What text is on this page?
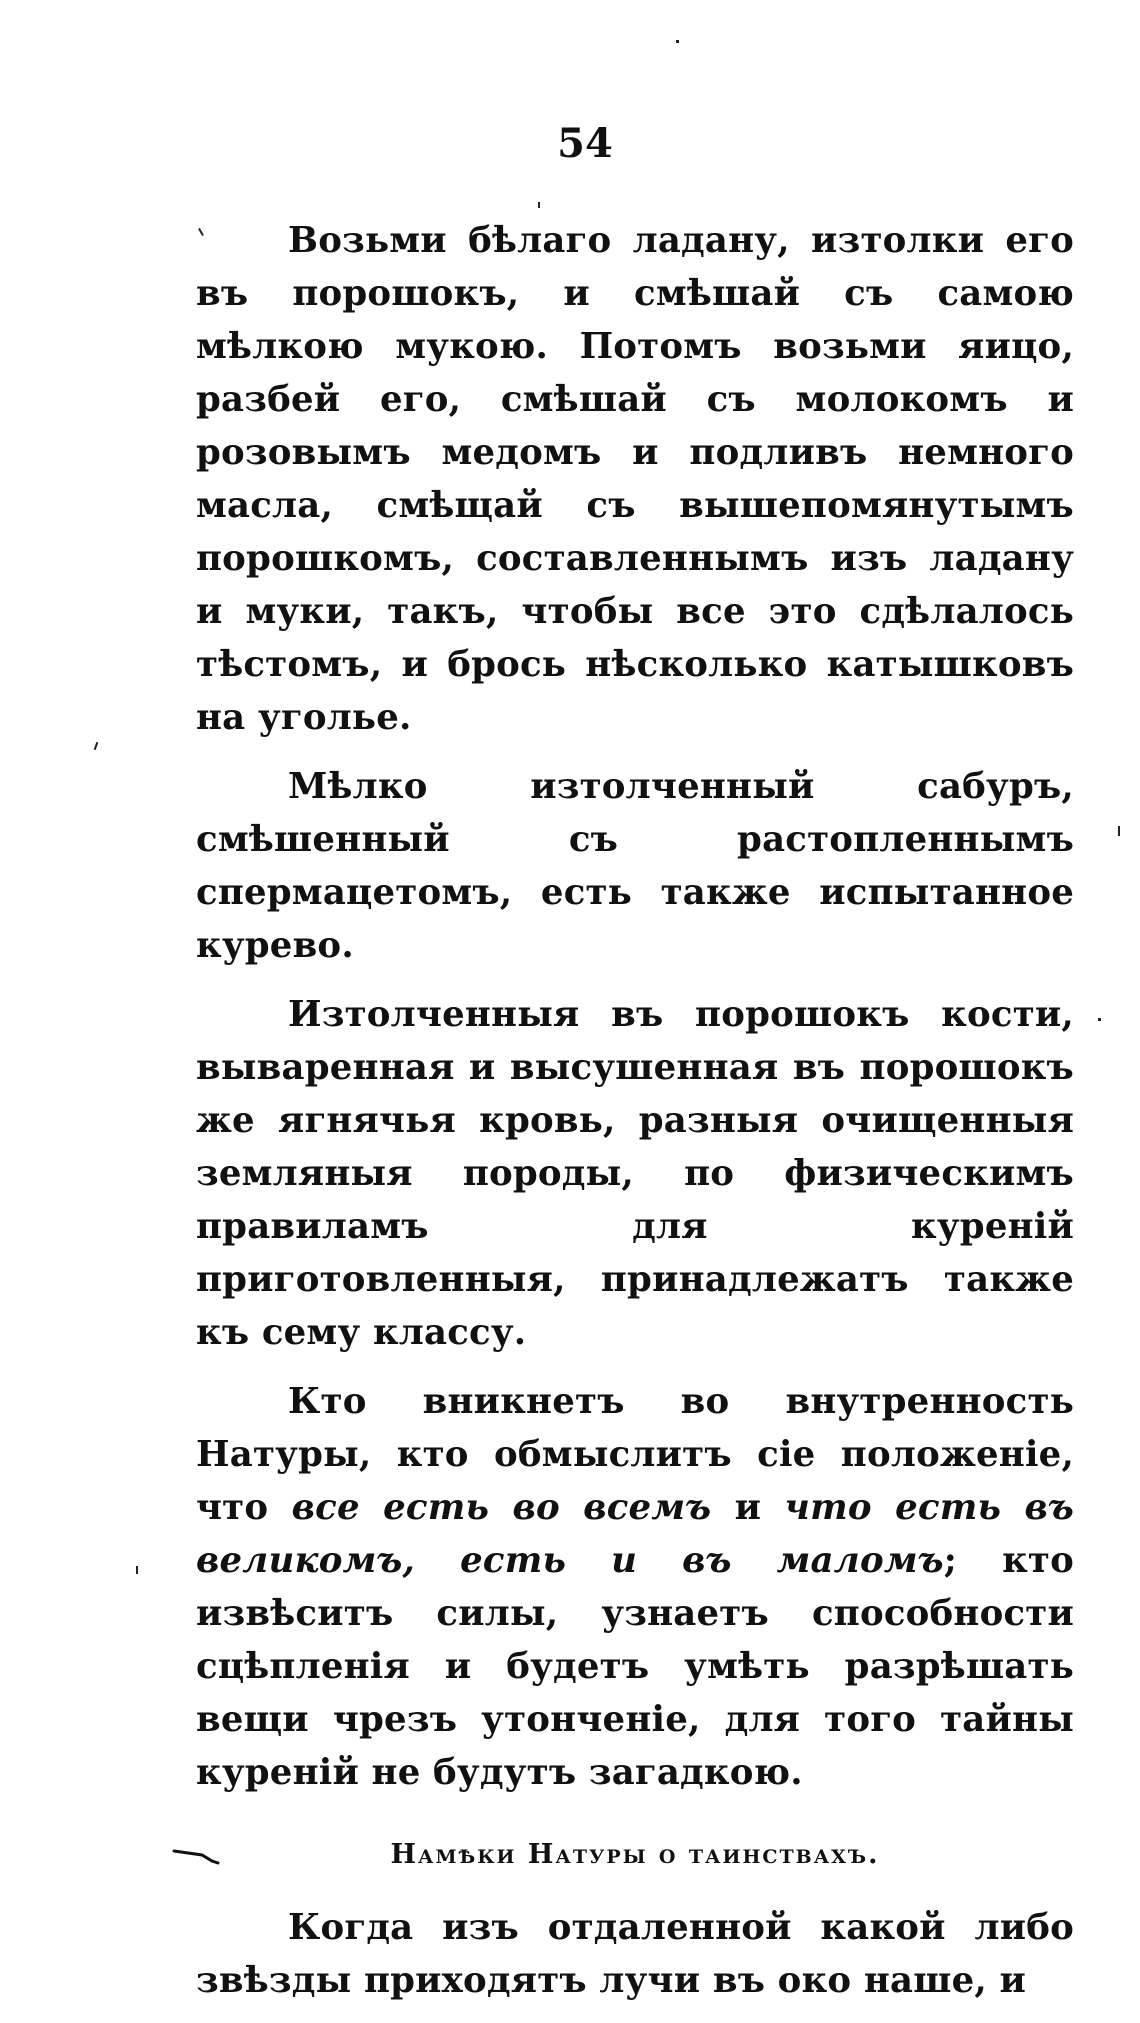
54

Возьми бѣлаго ладану, изтолки его въ порошокъ, и смѣшай съ самою мѣлкою мукою. Потомъ возьми яицо, разбей его, смѣшай съ молокомъ и розовымъ медомъ и подливъ немного масла, смѣщай съ вышепомянутымъ порошкомъ, составленнымъ изъ ладану и муки, такъ, чтобы все это сдѣлалось тѣстомъ, и брось нѣсколько катышковъ на уголье.

Мѣлко изтолченный сабуръ, смѣшенный съ растопленнымъ спермацетомъ, есть также испытанное курево.

Изтолченныя въ порошокъ кости, вываренная и высушенная въ порошокъ же ягнячья кровь, разныя очищенныя земляныя породы, по физическимъ правиламъ для куреній приготовленныя, принадлежатъ также къ сему классу.

Кто вникнетъ во внутренность Натуры, кто обмыслитъ сіе положеніе, что все есть во всемъ и что есть въ великомъ, есть и въ маломъ; кто извѣситъ силы, узнаетъ способности сцѣпленія и будетъ умѣть разрѣшать вещи чрезъ утонченіе, для того тайны куреній не будутъ загадкою.

Намѣки Натуры о таинствахъ.

Когда изъ отдаленной какой либо звѣзды приходятъ лучи въ око наше, и
